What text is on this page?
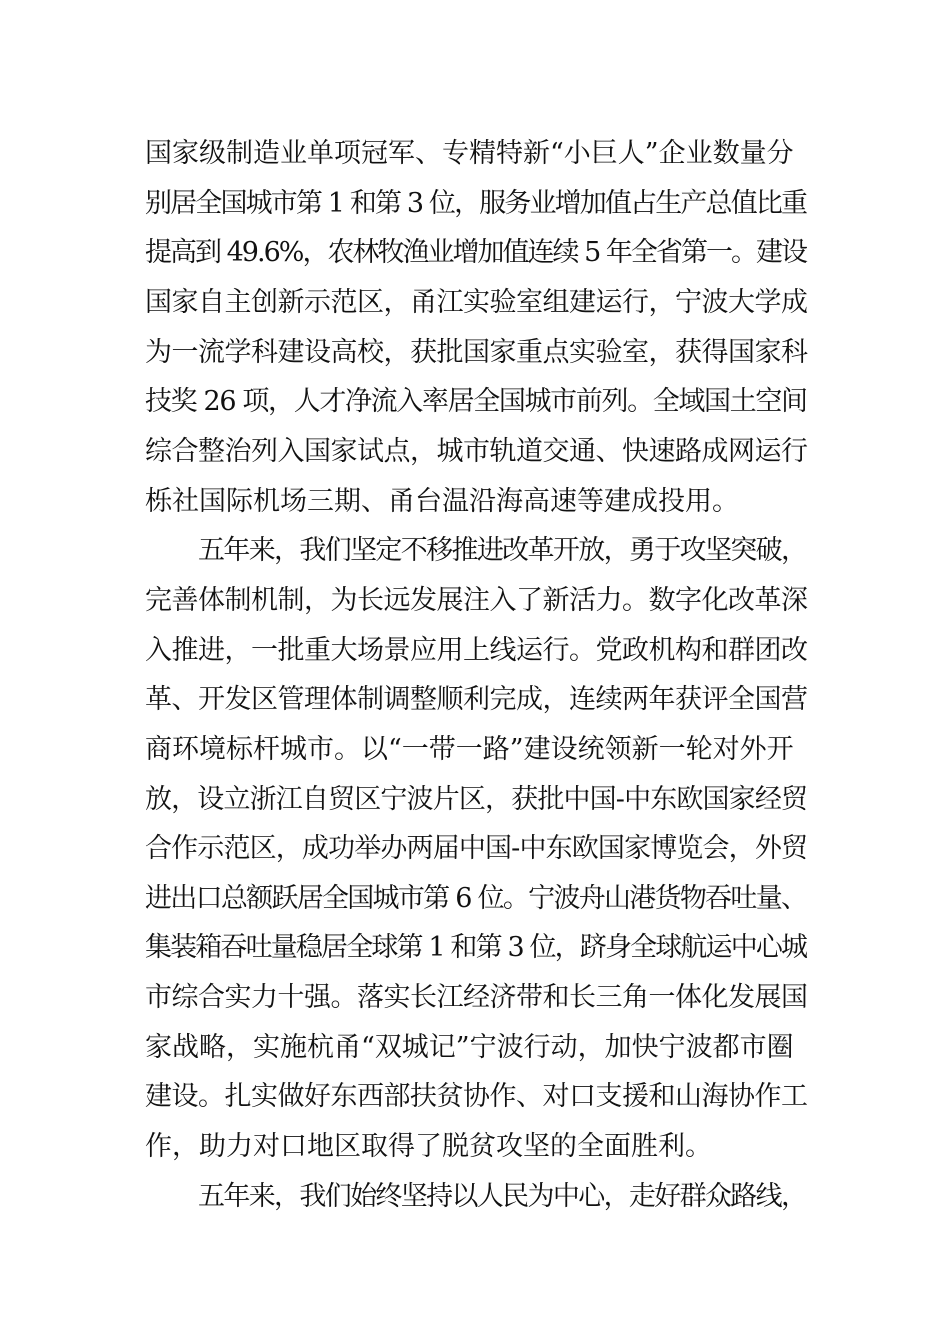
国家级制造业单项冠军、专精特新“小巨人”企业数量分
别居全国城市第 1 和第 3 位，服务业增加值占生产总值比重
提高到 49.6%，农林牧渔业增加值连续 5 年全省第一。建设
国家自主创新示范区，甬江实验室组建运行，宁波大学成
为一流学科建设高校，获批国家重点实验室，获得国家科
技奖 26 项，人才净流入率居全国城市前列。全域国土空间
综合整治列入国家试点，城市轨道交通、快速路成网运行
栎社国际机场三期、甬台温沿海高速等建成投用。
五年来，我们坚定不移推进改革开放，勇于攻坚突破，
完善体制机制，为长远发展注入了新活力。数字化改革深
入推进，一批重大场景应用上线运行。党政机构和群团改
革、开发区管理体制调整顺利完成，连续两年获评全国营
商环境标杆城市。以“一带一路”建设统领新一轮对外开
放，设立浙江自贸区宁波片区，获批中国-中东欧国家经贸
合作示范区，成功举办两届中国-中东欧国家博览会，外贸
进出口总额跃居全国城市第 6 位。宁波舟山港货物吞吐量、
集装箱吞吐量稳居全球第 1 和第 3 位，跻身全球航运中心城
市综合实力十强。落实长江经济带和长三角一体化发展国
家战略，实施杭甬“双城记”宁波行动，加快宁波都市圈
建设。扎实做好东西部扶贫协作、对口支援和山海协作工
作，助力对口地区取得了脱贫攻坚的全面胜利。
五年来，我们始终坚持以人民为中心，走好群众路线，
